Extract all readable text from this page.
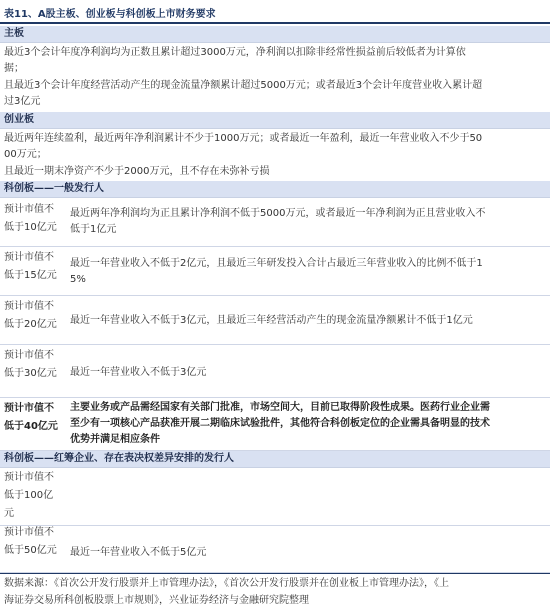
表11、A股主板、创业板与科创板上市财务要求
主板
最近3个会计年度净利润均为正数且累计超过3000万元，净利润以扣除非经常性损益前后较低者为计算依
据；
且最近3个会计年度经营活动产生的现金流量净额累计超过5000万元；或者最近3个会计年度营业收入累计超
过3亿元
创业板
最近两年连续盈利，最近两年净利润累计不少于1000万元；或者最近一年盈利，最近一年营业收入不少于50
00万元；
且最近一期末净资产不少于2000万元，且不存在未弥补亏损
科创板——一般发行人
预计市值不低于10亿元
最近两年净利润均为正且累计净利润不低于5000万元，或者最近一年净利润为正且营业收入不
低于1亿元
预计市值不低于15亿元
最近一年营业收入不低于2亿元，且最近三年研发投入合计占最近三年营业收入的比例不低于1
5%
预计市值不低于20亿元 最近一年营业收入不低于3亿元，且最近三年经营活动产生的现金流量净额累计不低于1亿元
预计市值不低于30亿元 最近一年营业收入不低于3亿元
预计市值不低于40亿元
主要业务或产品需经国家有关部门批准，市场空间大，目前已取得阶段性成果。医药行业企业需
至少有一项核心产品获准开展二期临床试验批件，其他符合科创板定位的企业需具备明显的技术
优势并满足相应条件
科创板——红筹企业、存在表决权差异安排的发行人
预计市值不低于100亿元
预计市值不低于50亿元 最近一年营业收入不低于5亿元
数据来源：《首次公开发行股票并上市管理办法》，《首次公开发行股票并在创业板上市管理办法》，《上
海证券交易所科创板股票上市规则》，兴业证券经济与金融研究院整理
